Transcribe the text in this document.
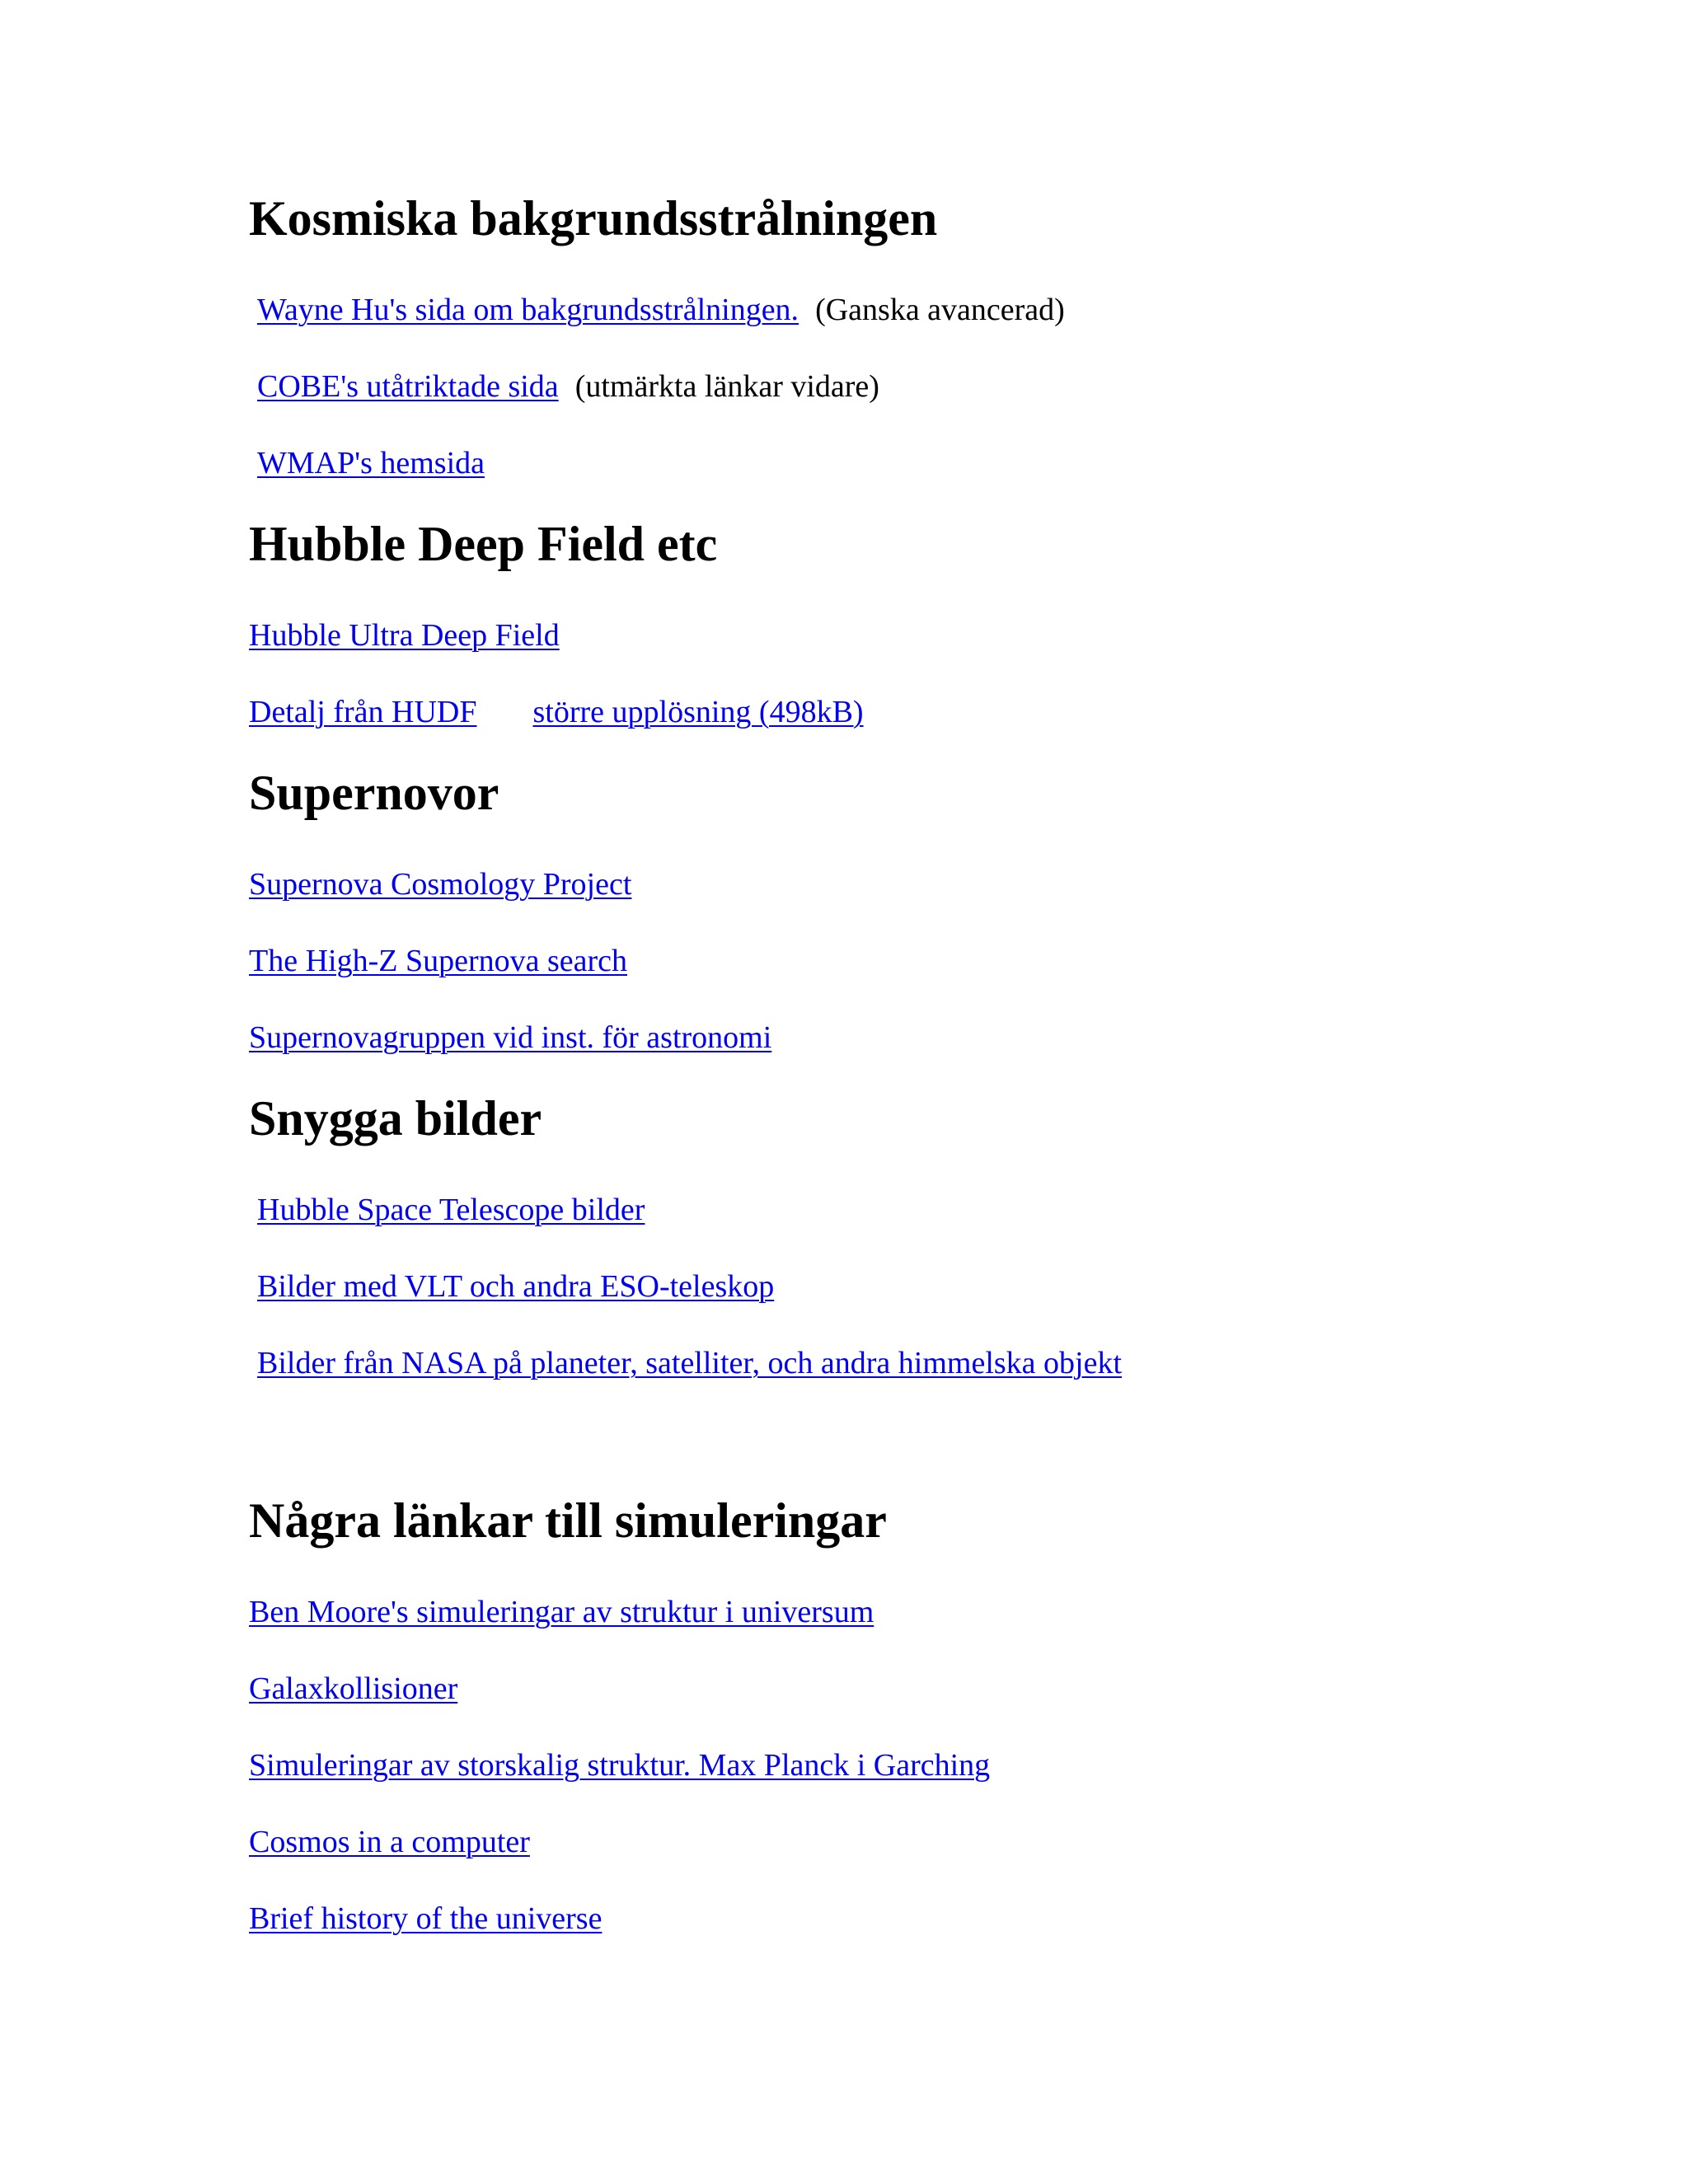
Kosmiska bakgrundsstrålningen

Wayne Hu's sida om bakgrundsstrålningen. (Ganska avancerad)

COBE's utåtriktade sida (utmärkta länkar vidare)

WMAP's hemsida

Hubble Deep Field etc

Hubble Ultra Deep Field

Detalj från HUDF större upplösning (498kB)

Supernovor

Supernova Cosmology Project

The High-Z Supernova search

Supernovagruppen vid inst. för astronomi

Snygga bilder

Hubble Space Telescope bilder

Bilder med VLT och andra ESO-teleskop

Bilder från NASA på planeter, satelliter, och andra himmelska objekt

Några länkar till simuleringar

Ben Moore's simuleringar av struktur i universum

Galaxkollisioner

Simuleringar av storskalig struktur. Max Planck i Garching

Cosmos in a computer

Brief history of the universe
